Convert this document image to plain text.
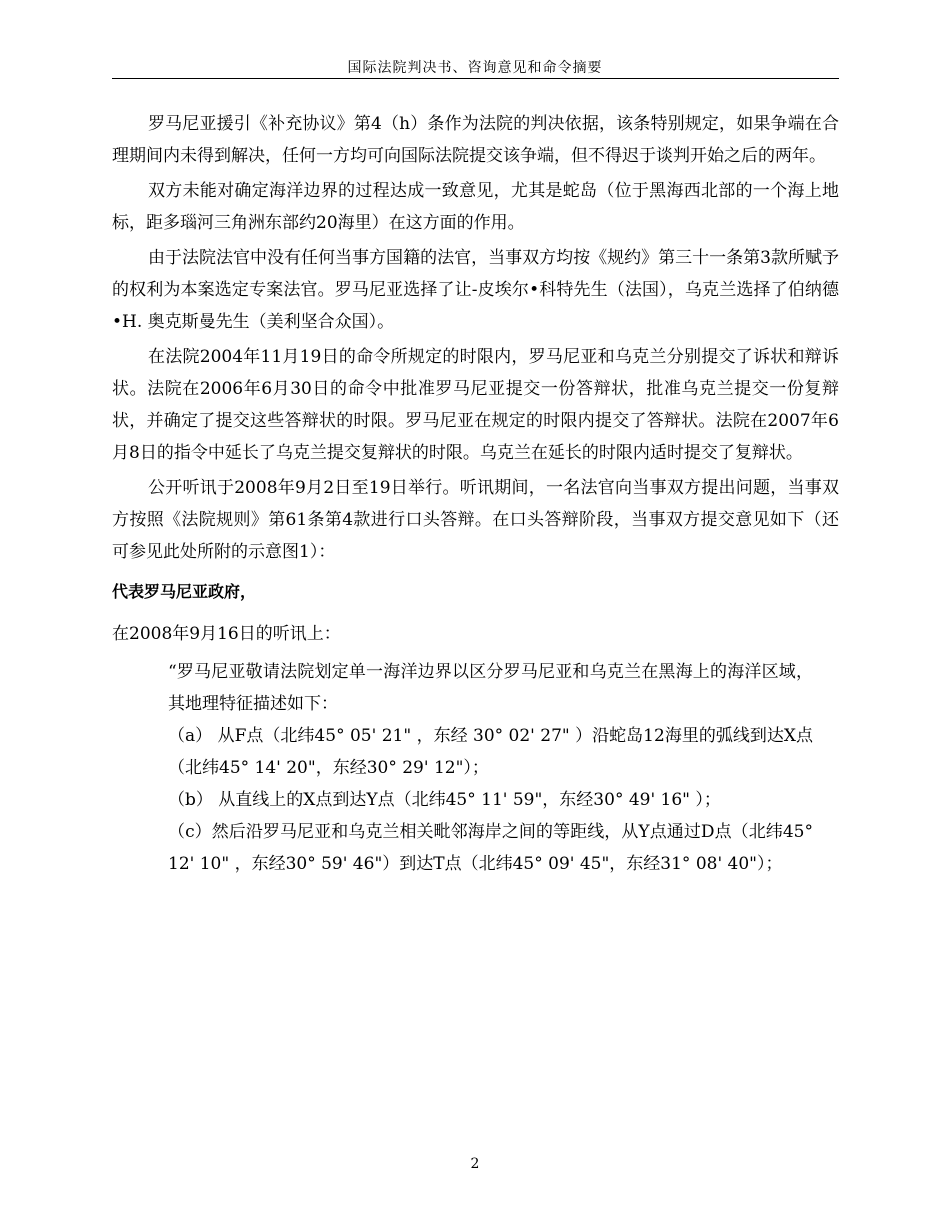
国际法院判决书、咨询意见和命令摘要

罗马尼亚援引《补充协议》第4（h）条作为法院的判决依据，该条特别规定，如果争端在合理期间内未得到解决，任何一方均可向国际法院提交该争端，但不得迟于谈判开始之后的两年。

双方未能对确定海洋边界的过程达成一致意见，尤其是蛇岛（位于黑海西北部的一个海上地标，距多瑙河三角洲东部约20海里）在这方面的作用。

由于法院法官中没有任何当事方国籍的法官，当事双方均按《规约》第三十一条第3款所赋予的权利为本案选定专案法官。罗马尼亚选择了让-皮埃尔•科特先生（法国），乌克兰选择了伯纳德•H. 奥克斯曼先生（美利坚合众国）。

在法院2004年11月19日的命令所规定的时限内，罗马尼亚和乌克兰分别提交了诉状和辩诉状。法院在2006年6月30日的命令中批准罗马尼亚提交一份答辩状，批准乌克兰提交一份复辩状，并确定了提交这些答辩状的时限。罗马尼亚在规定的时限内提交了答辩状。法院在2007年6月8日的指令中延长了乌克兰提交复辩状的时限。乌克兰在延长的时限内适时提交了复辩状。

公开听讯于2008年9月2日至19日举行。听讯期间，一名法官向当事双方提出问题，当事双方按照《法院规则》第61条第4款进行口头答辩。在口头答辩阶段，当事双方提交意见如下（还可参见此处所附的示意图1）：

代表罗马尼亚政府，

在2008年9月16日的听讯上：

“罗马尼亚敬请法院划定单一海洋边界以区分罗马尼亚和乌克兰在黑海上的海洋区域，其地理特征描述如下：

（a） 从F点（北纬45° 05' 21" ，东经 30° 02' 27" ）沿蛇岛12海里的弧线到达X点 （北纬45° 14' 20"，东经30° 29' 12"）；

（b） 从直线上的X点到达Y点（北纬45° 11' 59"，东经30° 49' 16" ）；

（c）然后沿罗马尼亚和乌克兰相关毗邻海岸之间的等距线，从Y点通过D点（北纬45° 12' 10" ，东经30° 59' 46"）到达T点（北纬45° 09' 45"，东经31° 08' 40"）；

2
